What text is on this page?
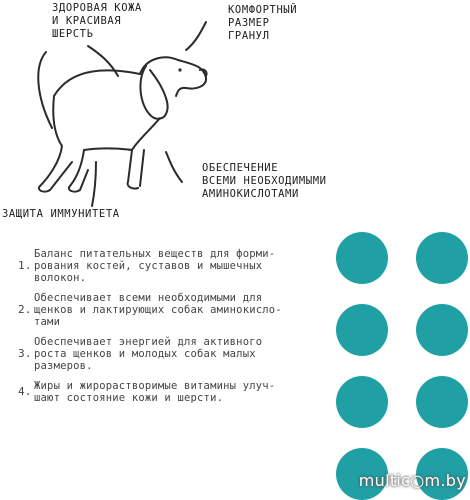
ЗДОРОВАЯ КОЖА
И КРАСИВАЯ
ШЕРСТЬ
КОМФОРТНЫЙ
РАЗМЕР
ГРАНУЛ
ОБЕСПЕЧЕНИЕ
ВСЕМИ НЕОБХОДИМЫМИ
АМИНОКИСЛОТАМИ
ЗАЩИТА ИММУНИТЕТА
1.
Баланс питательных веществ для форми-
рования костей, суставов и мышечных
волокон.
2.
Обеспечивает всеми необходимыми для
щенков и лактирующих собак аминокисло-
тами
3.
Обеспечивает энергией для активного
роста щенков и молодых собак малых
размеров.
4. Жиры и жирорастворимые витамины улуч-
шают состояние кожи и шерсти.
multiс○m.by
